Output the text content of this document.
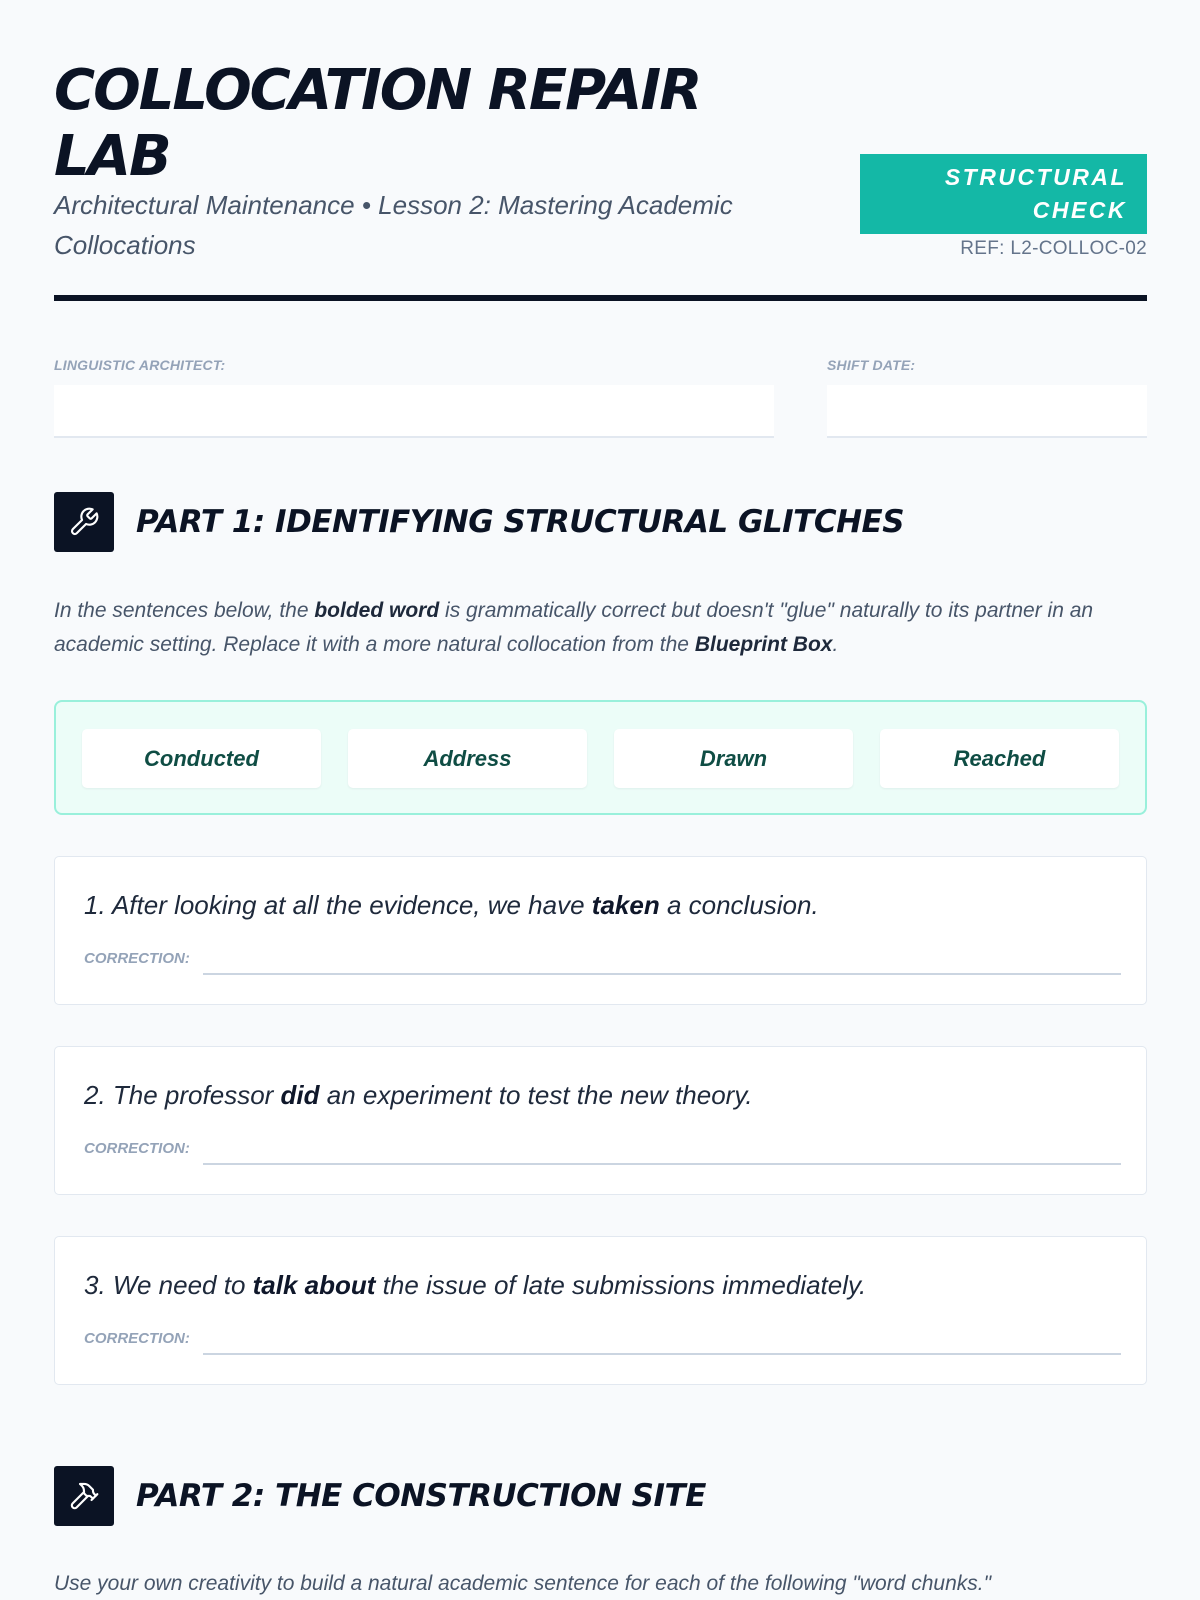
COLLOCATION REPAIR LAB
Architectural Maintenance • Lesson 2: Mastering Academic Collocations
STRUCTURAL CHECK
REF: L2-COLLOC-02
LINGUISTIC ARCHITECT:	SHIFT DATE:
PART 1: IDENTIFYING STRUCTURAL GLITCHES

In the sentences below, the bolded word is grammatically correct but doesn't "glue" naturally to its partner in an academic setting. Replace it with a more natural collocation from the Blueprint Box.

Conducted	Address	Drawn	Reached

1. After looking at all the evidence, we have taken a conclusion.

CORRECTION:

2. The professor did an experiment to test the new theory.

CORRECTION:

3. We need to talk about the issue of late submissions immediately.

CORRECTION:
PART 2: THE CONSTRUCTION SITE

Use your own creativity to build a natural academic sentence for each of the following "word chunks."
